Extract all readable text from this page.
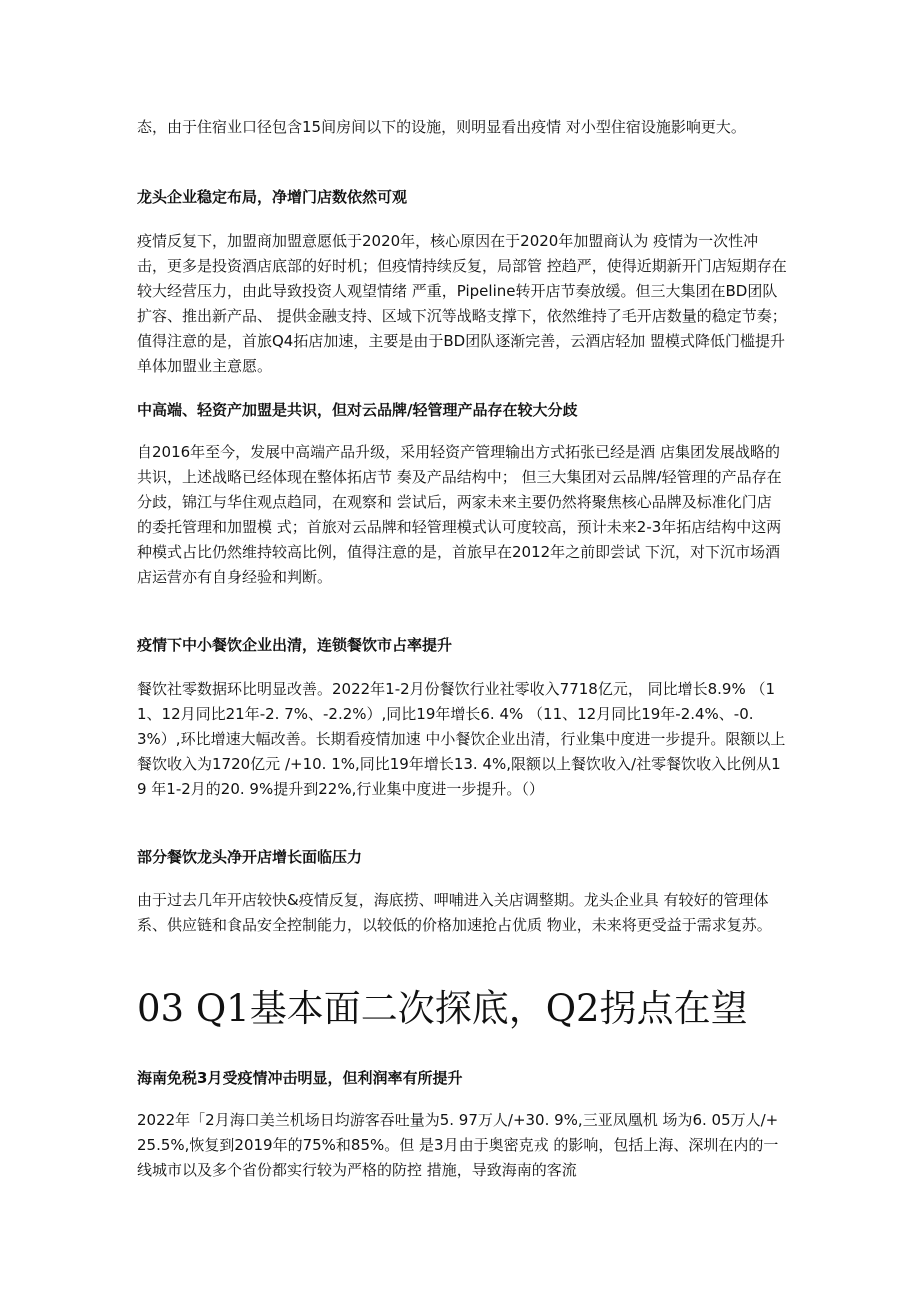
态，由于住宿业口径包含15间房间以下的设施，则明显看出疫情 对小型住宿设施影响更大。

龙头企业稳定布局，净增门店数依然可观

疫情反复下，加盟商加盟意愿低于2020年，核心原因在于2020年加盟商认为 疫情为一次性冲击，更多是投资酒店底部的好时机；但疫情持续反复，局部管 控趋严，使得近期新开门店短期存在较大经营压力，由此导致投资人观望情绪 严重，Pipeline转开店节奏放缓。但三大集团在BD团队扩容、推出新产品、 提供金融支持、区域下沉等战略支撑下，依然维持了毛开店数量的稳定节奏； 值得注意的是，首旅Q4拓店加速，主要是由于BD团队逐渐完善，云酒店轻加 盟模式降低门槛提升单体加盟业主意愿。

中高端、轻资产加盟是共识，但对云品牌/轻管理产品存在较大分歧

自2016年至今，发展中高端产品升级，采用轻资产管理输出方式拓张已经是酒 店集团发展战略的共识，上述战略已经体现在整体拓店节 奏及产品结构中； 但三大集团对云品牌/轻管理的产品存在分歧，锦江与华住观点趋同，在观察和 尝试后，两家未来主要仍然将聚焦核心品牌及标准化门店 的委托管理和加盟模 式；首旅对云品牌和轻管理模式认可度较高，预计未来2-3年拓店结构中这两 种模式占比仍然维持较高比例，值得注意的是，首旅早在2012年之前即尝试 下沉，对下沉市场酒店运营亦有自身经验和判断。

疫情下中小餐饮企业出清，连锁餐饮市占率提升

餐饮社零数据环比明显改善。2022年1-2月份餐饮行业社零收入7718亿元， 同比增长8.9% （11、12月同比21年-2. 7%、-2.2%）,同比19年增长6. 4% （11、12月同比19年-2.4%、-0.3%）,环比增速大幅改善。长期看疫情加速 中小餐饮企业出清，行业集中度进一步提升。限额以上餐饮收入为1720亿元 /+10. 1%,同比19年增长13. 4%,限额以上餐饮收入/社零餐饮收入比例从19 年1-2月的20. 9%提升到22%,行业集中度进一步提升。（）

部分餐饮龙头净开店增长面临压力

由于过去几年开店较快&疫情反复，海底捞、呷哺进入关店调整期。龙头企业具 有较好的管理体系、供应链和食品安全控制能力，以较低的价格加速抢占优质 物业，未来将更受益于需求复苏。

03 Q1基本面二次探底，Q2拐点在望
海南免税3月受疫情冲击明显，但利润率有所提升

2022年「2月海口美兰机场日均游客吞吐量为5. 97万人/+30. 9%,三亚凤凰机 场为6. 05万人/+25.5%,恢复到2019年的75%和85%。但 是3月由于奥密克戎 的影响，包括上海、深圳在内的一线城市以及多个省份都实行较为严格的防控 措施，导致海南的客流
